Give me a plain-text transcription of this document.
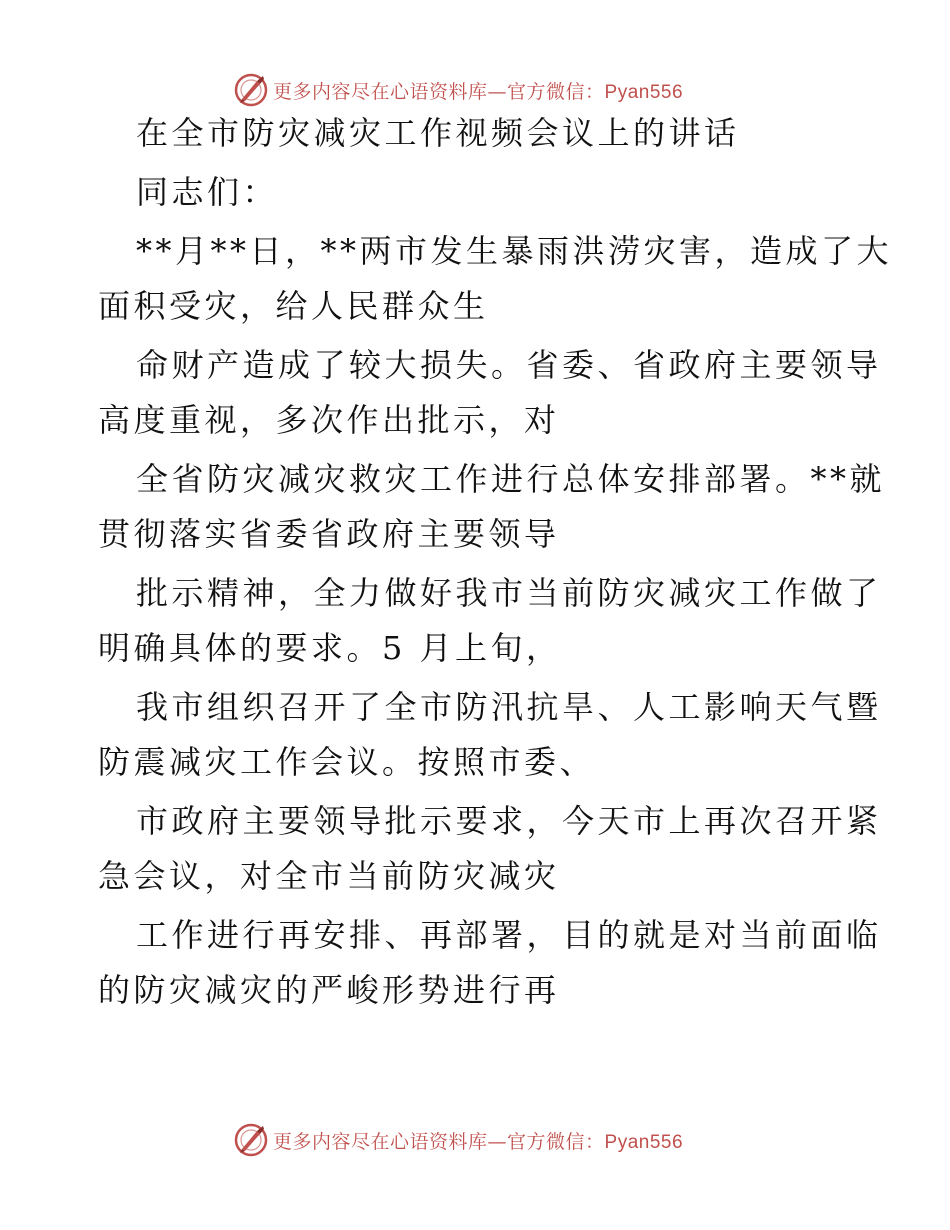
更多内容尽在心语资料库—官方微信：Pyan556

在全市防灾减灾工作视频会议上的讲话

同志们：

**月**日，**两市发生暴雨洪涝灾害，造成了大

面积受灾，给人民群众生

命财产造成了较大损失。省委、省政府主要领导

高度重视，多次作出批示，对

全省防灾减灾救灾工作进行总体安排部署。**就

贯彻落实省委省政府主要领导

批示精神，全力做好我市当前防灾减灾工作做了

明确具体的要求。5 月上旬，

我市组织召开了全市防汛抗旱、人工影响天气暨

防震减灾工作会议。按照市委、

市政府主要领导批示要求，今天市上再次召开紧

急会议，对全市当前防灾减灾

工作进行再安排、再部署，目的就是对当前面临

的防灾减灾的严峻形势进行再

更多内容尽在心语资料库—官方微信：Pyan556
